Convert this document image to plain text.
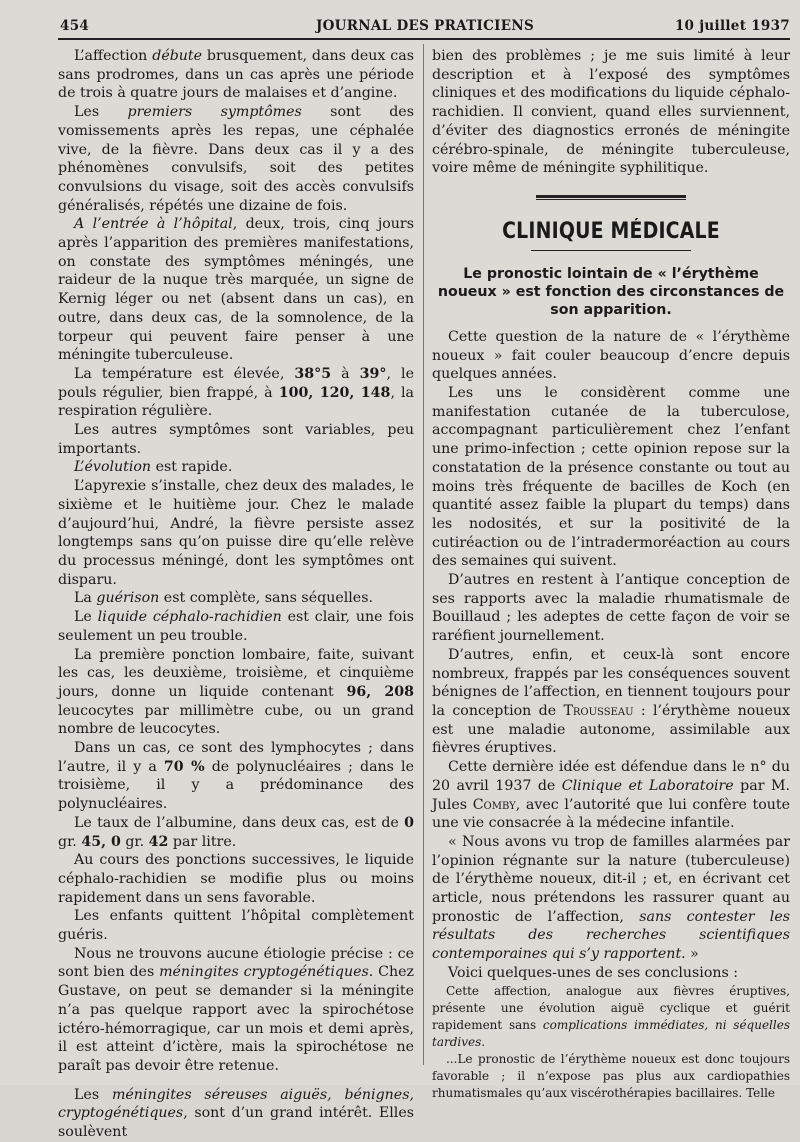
454	JOURNAL DES PRATICIENS	10 juillet 1937

L’affection débute brusquement, dans deux cas sans prodromes, dans un cas après une période de trois à quatre jours de malaises et d’angine.

Les premiers symptômes sont des vomissements après les repas, une céphalée vive, de la fièvre. Dans deux cas il y a des phénomènes convulsifs, soit des petites convulsions du visage, soit des accès convulsifs généralisés, répétés une dizaine de fois.

A l’entrée à l’hôpital, deux, trois, cinq jours après l’apparition des premières manifestations, on constate des symptômes méningés, une raideur de la nuque très marquée, un signe de Kernig léger ou net (absent dans un cas), en outre, dans deux cas, de la somnolence, de la torpeur qui peuvent faire penser à une méningite tuberculeuse.

La température est élevée, 38°5 à 39°, le pouls régulier, bien frappé, à 100, 120, 148, la respiration régulière.

Les autres symptômes sont variables, peu importants.

L’évolution est rapide.

L’apyrexie s’installe, chez deux des malades, le sixième et le huitième jour. Chez le malade d’aujourd’hui, André, la fièvre persiste assez longtemps sans qu’on puisse dire qu’elle relève du processus méningé, dont les symptômes ont disparu.

La guérison est complète, sans séquelles.

Le liquide céphalo-rachidien est clair, une fois seulement un peu trouble.

La première ponction lombaire, faite, suivant les cas, les deuxième, troisième, et cinquième jours, donne un liquide contenant 96, 208 leucocytes par millimètre cube, ou un grand nombre de leucocytes.

Dans un cas, ce sont des lymphocytes ; dans l’autre, il y a 70 % de polynucléaires ; dans le troisième, il y a prédominance des polynucléaires.

Le taux de l’albumine, dans deux cas, est de 0 gr. 45, 0 gr. 42 par litre.

Au cours des ponctions successives, le liquide céphalo-rachidien se modifie plus ou moins rapidement dans un sens favorable.

Les enfants quittent l’hôpital complètement guéris.

Nous ne trouvons aucune étiologie précise : ce sont bien des méningites cryptogénétiques. Chez Gustave, on peut se demander si la méningite n’a pas quelque rapport avec la spirochétose ictéro-hémorragique, car un mois et demi après, il est atteint d’ictère, mais la spirochétose ne paraît pas devoir être retenue.

Les méningites séreuses aiguës, bénignes, cryptogénétiques, sont d’un grand intérêt. Elles soulèvent

bien des problèmes ; je me suis limité à leur description et à l’exposé des symptômes cliniques et des modifications du liquide céphalo-rachidien. Il convient, quand elles surviennent, d’éviter des diagnostics erronés de méningite cérébro-spinale, de méningite tuberculeuse, voire même de méningite syphilitique.

CLINIQUE MÉDICALE
Le pronostic lointain de « l’érythème noueux » est fonction des circonstances de son apparition.

Cette question de la nature de « l’érythème noueux » fait couler beaucoup d’encre depuis quelques années.

Les uns le considèrent comme une manifestation cutanée de la tuberculose, accompagnant particulièrement chez l’enfant une primo-infection ; cette opinion repose sur la constatation de la présence constante ou tout au moins très fréquente de bacilles de Koch (en quantité assez faible la plupart du temps) dans les nodosités, et sur la positivité de la cutiréaction ou de l’intradermoréaction au cours des semaines qui suivent.

D’autres en restent à l’antique conception de ses rapports avec la maladie rhumatismale de Bouillaud ; les adeptes de cette façon de voir se raréfient journellement.

D’autres, enfin, et ceux-là sont encore nombreux, frappés par les conséquences souvent bénignes de l’affection, en tiennent toujours pour la conception de Trousseau : l’érythème noueux est une maladie autonome, assimilable aux fièvres éruptives.

Cette dernière idée est défendue dans le n° du 20 avril 1937 de Clinique et Laboratoire par M. Jules Comby, avec l’autorité que lui confère toute une vie consacrée à la médecine infantile.

« Nous avons vu trop de familles alarmées par l’opinion régnante sur la nature (tuberculeuse) de l’érythème noueux, dit-il ; et, en écrivant cet article, nous prétendons les rassurer quant au pronostic de l’affection, sans contester les résultats des recherches scientifiques contemporaines qui s’y rapportent. »

Voici quelques-unes de ses conclusions :

Cette affection, analogue aux fièvres éruptives, présente une évolution aiguë cyclique et guérit rapidement sans complications immédiates, ni séquelles tardives.

...Le pronostic de l’érythème noueux est donc toujours favorable ; il n’expose pas plus aux cardiopathies rhumatismales qu’aux viscérothérapies bacillaires. Telle
